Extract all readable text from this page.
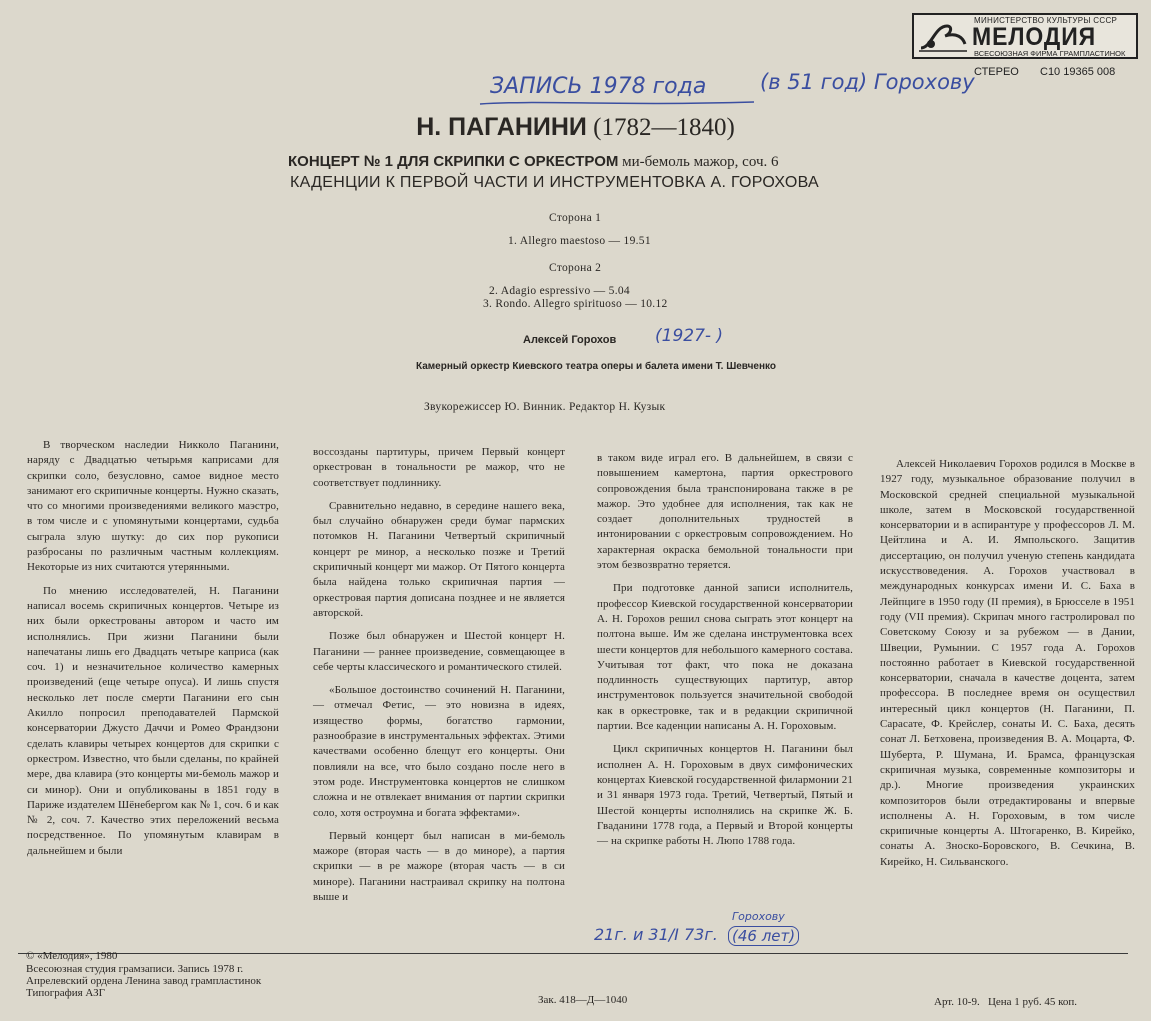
МИНИСТЕРСТВО КУЛЬТУРЫ СССР
МЕЛОДИЯ
ВСЕСОЮЗНАЯ ФИРМА ГРАМПЛАСТИНОК
СТЕРЕО С10 19365 008
ЗАПИСЬ 1978 года	(в 51 год) Горохову
Н. ПАГАНИНИ (1782—1840)
КОНЦЕРТ № 1 ДЛЯ СКРИПКИ С ОРКЕСТРОМ ми-бемоль мажор, соч. 6
КАДЕНЦИИ К ПЕРВОЙ ЧАСТИ И ИНСТРУМЕНТОВКА А. ГОРОХОВА
Сторона 1
1. Allegro maestoso — 19.51
Сторона 2
2. Adagio espressivo — 5.04
3. Rondo. Allegro spirituoso — 10.12
Алексей Горохов (1927- )
Камерный оркестр Киевского театра оперы и балета имени Т. Шевченко
Звукорежиссер Ю. Винник. Редактор Н. Кузык

В творческом наследии Никколо Паганини, наряду с Двадцатью четырьмя каприсами для скрипки соло, безусловно, самое видное место занимают его скрипичные концерты. Нужно сказать, что со многими произведениями великого маэстро, в том числе и с упомянутыми концертами, судьба сыграла злую шутку: до сих пор рукописи разбросаны по различным частным коллекциям. Некоторые из них считаются утерянными.

По мнению исследователей, Н. Паганини написал восемь скрипичных концертов. Четыре из них были оркестрованы автором и часто им исполнялись. При жизни Паганини были напечатаны лишь его Двадцать четыре каприса (как соч. 1) и незначительное количество камерных произведений (еще четыре опуса). И лишь спустя несколько лет после смерти Паганини его сын Акилло попросил преподавателей Пармской консерватории Джусто Даччи и Ромео Франдзони сделать клавиры четырех концертов для скрипки с оркестром. Известно, что были сделаны, по крайней мере, два клавира (это концерты ми-бемоль мажор и си минор). Они и опубликованы в 1851 году в Париже издателем Шёнебергом как № 1, соч. 6 и как № 2, соч. 7. Качество этих переложений весьма посредственное. По упомянутым клавирам в дальнейшем и были

воссозданы партитуры, причем Первый концерт оркестрован в тональности ре мажор, что не соответствует подлиннику.

Сравнительно недавно, в середине нашего века, был случайно обнаружен среди бумаг пармских потомков Н. Паганини Четвертый скрипичный концерт ре минор, а несколько позже и Третий скрипичный концерт ми мажор. От Пятого концерта была найдена только скрипичная партия — оркестровая партия дописана позднее и не является авторской.

Позже был обнаружен и Шестой концерт Н. Паганини — раннее произведение, совмещающее в себе черты классического и романтического стилей.

«Большое достоинство сочинений Н. Паганини, — отмечал Фетис, — это новизна в идеях, изящество формы, богатство гармонии, разнообразие в инструментальных эффектах. Этими качествами особенно блещут его концерты. Они повлияли на все, что было создано после него в этом роде. Инструментовка концертов не слишком сложна и не отвлекает внимания от партии скрипки соло, хотя остроумна и богата эффектами».

Первый концерт был написан в ми-бемоль мажоре (вторая часть — в до миноре), а партия скрипки — в ре мажоре (вторая часть — в си миноре). Паганини настраивал скрипку на полтона выше и

в таком виде играл его. В дальнейшем, в связи с повышением камертона, партия оркестрового сопровождения была транспонирована также в ре мажор. Это удобнее для исполнения, так как не создает дополнительных трудностей в интонировании с оркестровым сопровождением. Но характерная окраска бемольной тональности при этом безвозвратно теряется.

При подготовке данной записи исполнитель, профессор Киевской государственной консерватории А. Н. Горохов решил снова сыграть этот концерт на полтона выше. Им же сделана инструментовка всех шести концертов для небольшого камерного состава. Учитывая тот факт, что пока не доказана подлинность существующих партитур, автор инструментовок пользуется значительной свободой как в оркестровке, так и в редакции скрипичной партии. Все каденции написаны А. Н. Гороховым.

Цикл скрипичных концертов Н. Паганини был исполнен А. Н. Гороховым в двух симфонических концертах Киевской государственной филармонии 21 и 31 января 1973 года. Третий, Четвертый, Пятый и Шестой концерты исполнялись на скрипке Ж. Б. Гваданини 1778 года, а Первый и Второй концерты — на скрипке работы Н. Люпо 1788 года.

Алексей Николаевич Горохов родился в Москве в 1927 году, музыкальное образование получил в Московской средней специальной музыкальной школе, затем в Московской государственной консерватории и в аспирантуре у профессоров Л. М. Цейтлина и А. И. Ямпольского. Защитив диссертацию, он получил ученую степень кандидата искусствоведения. А. Горохов участвовал в международных конкурсах имени И. С. Баха в Лейпциге в 1950 году (II премия), в Брюсселе в 1951 году (VII премия). Скрипач много гастролировал по Советскому Союзу и за рубежом — в Дании, Швеции, Румынии. С 1957 года А. Горохов постоянно работает в Киевской государственной консерватории, сначала в качестве доцента, затем профессора. В последнее время он осуществил интересный цикл концертов (Н. Паганини, П. Сарасате, Ф. Крейслер, сонаты И. С. Баха, десять сонат Л. Бетховена, произведения В. А. Моцарта, Ф. Шуберта, Р. Шумана, И. Брамса, французская скрипичная музыка, современные композиторы и др.). Многие произведения украинских композиторов были отредактированы и впервые исполнены А. Н. Гороховым, в том числе скрипичные концерты А. Штогаренко, В. Кирейко, сонаты А. Зноско-Боровского, В. Сечкина, В. Кирейко, Н. Сильванского.

21г. и 31/I 73г.
Горохову
(46 лет)
© «Мелодия», 1980
Всесоюзная студия грамзаписи. Запись 1978 г.
Апрелевский ордена Ленина завод грампластинок
Типография АЗГ
Зак. 418—Д—1040	Арт. 10-9.   Цена 1 руб. 45 коп.
